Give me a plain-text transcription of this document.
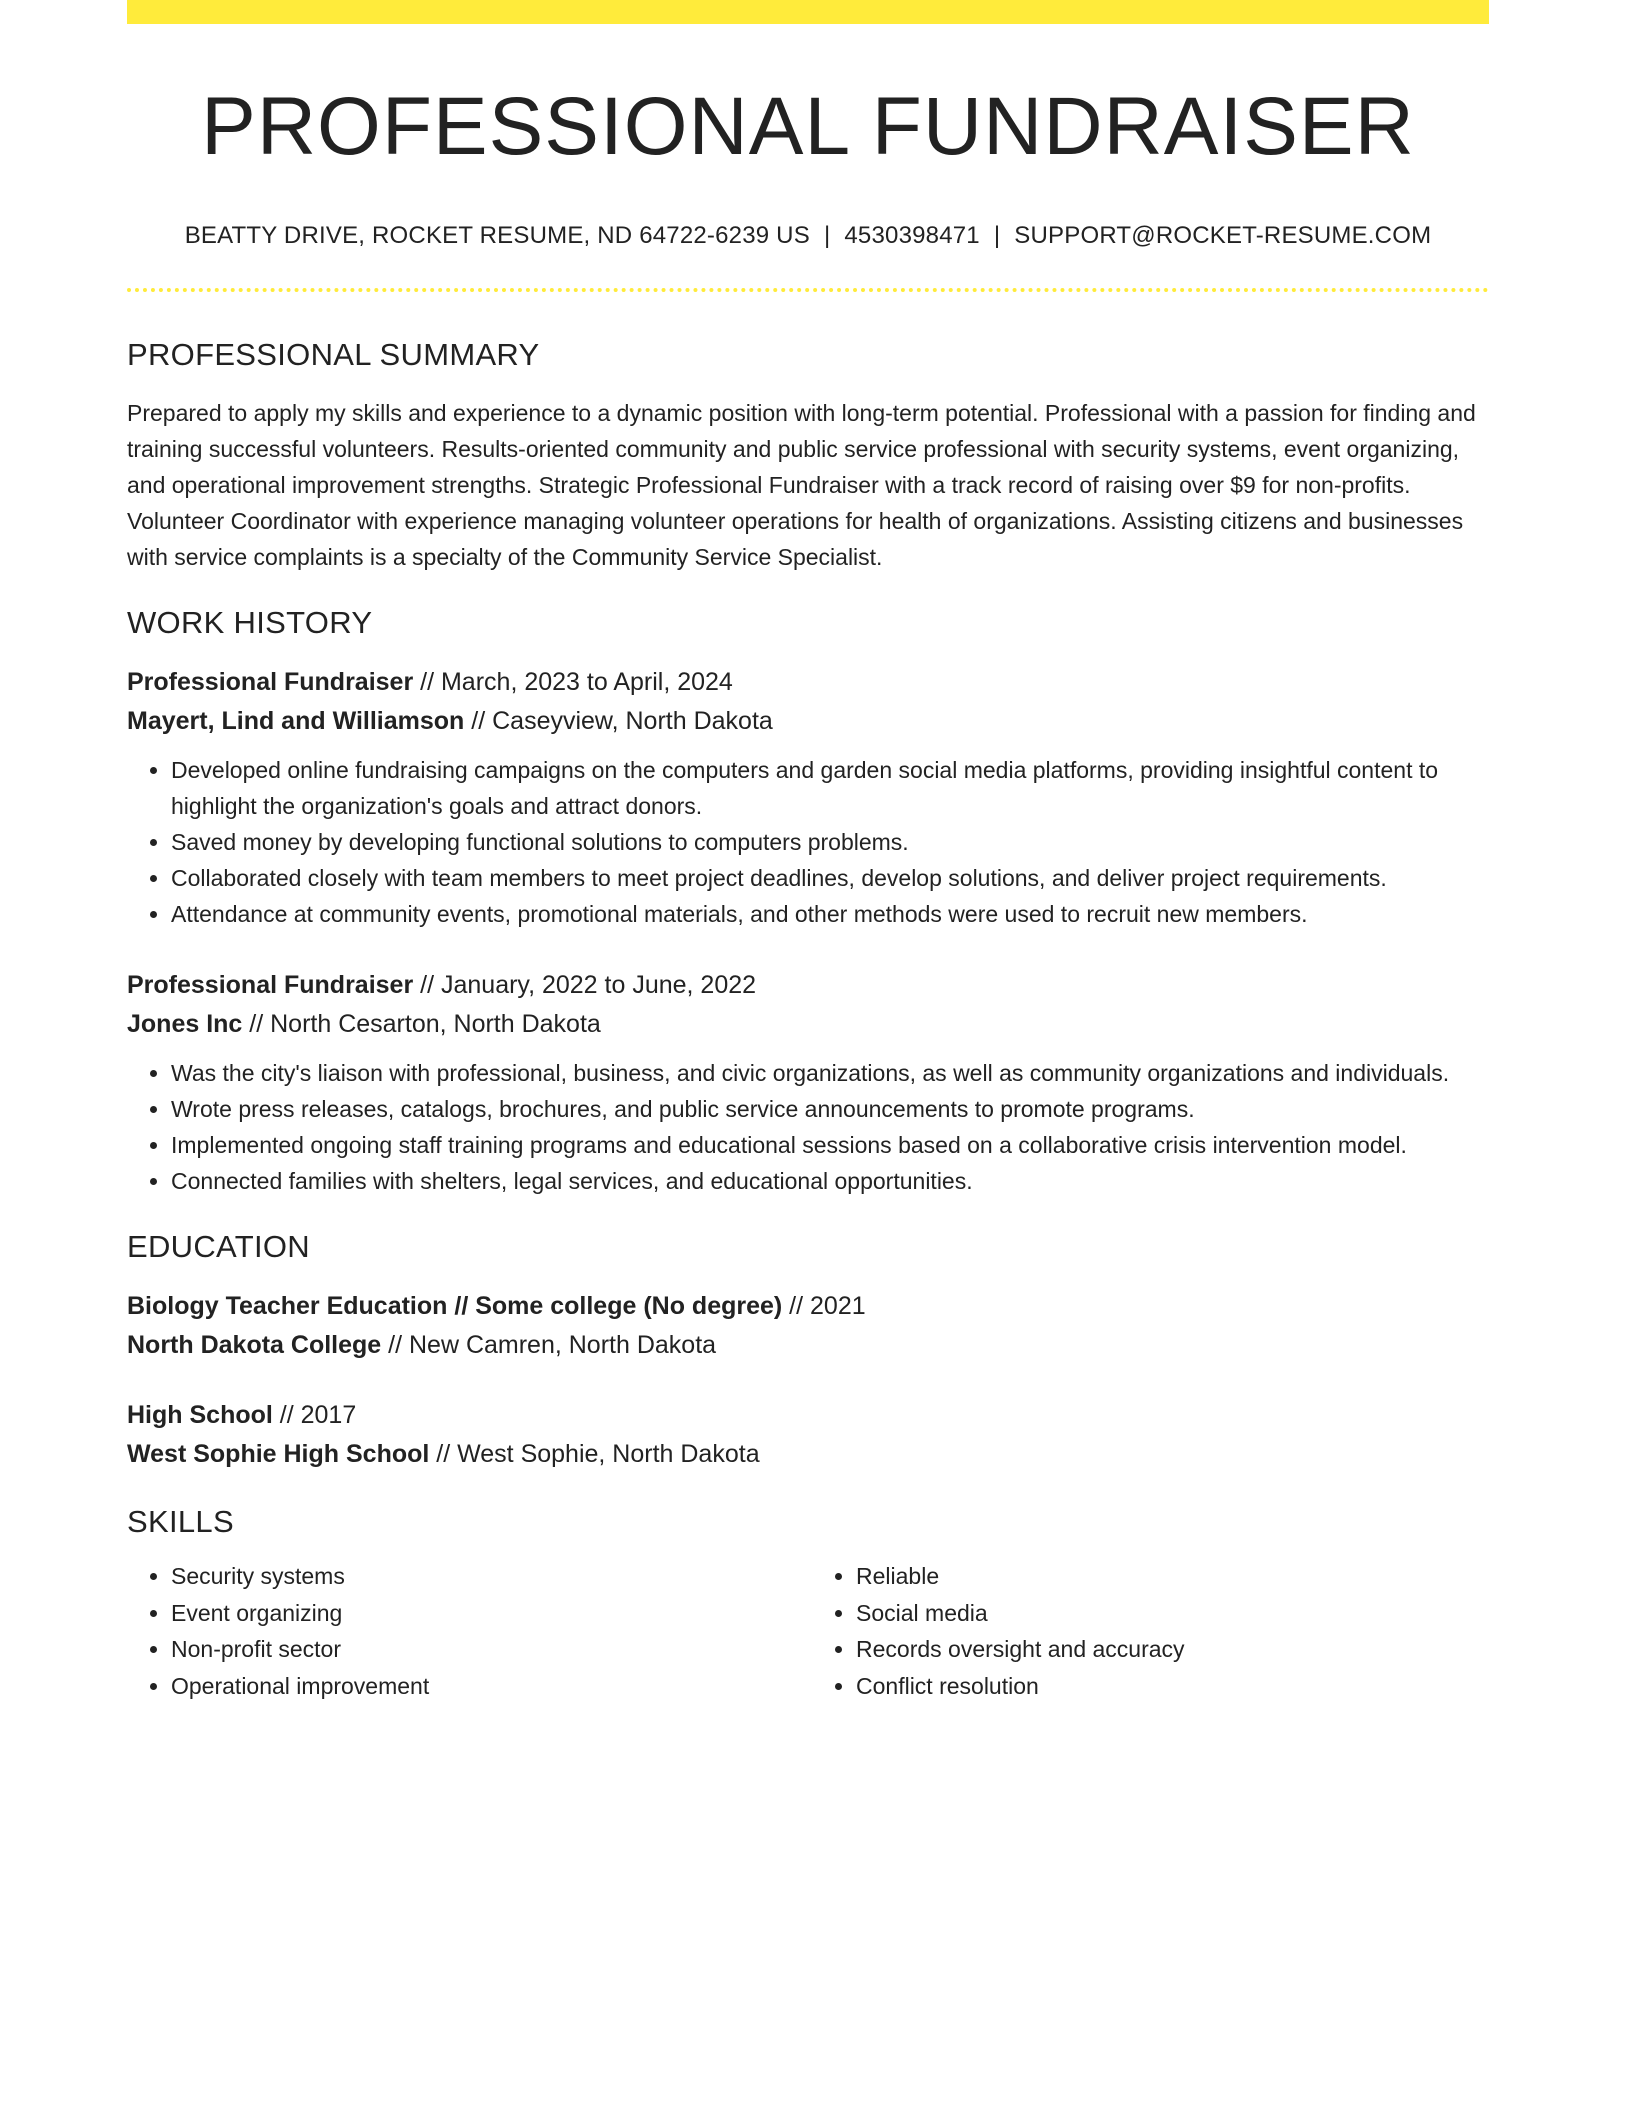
PROFESSIONAL FUNDRAISER
BEATTY DRIVE, ROCKET RESUME, ND 64722-6239 US | 4530398471 | SUPPORT@ROCKET-RESUME.COM
PROFESSIONAL SUMMARY
Prepared to apply my skills and experience to a dynamic position with long-term potential. Professional with a passion for finding and training successful volunteers. Results-oriented community and public service professional with security systems, event organizing, and operational improvement strengths. Strategic Professional Fundraiser with a track record of raising over $9 for non-profits. Volunteer Coordinator with experience managing volunteer operations for health of organizations. Assisting citizens and businesses with service complaints is a specialty of the Community Service Specialist.
WORK HISTORY
Professional Fundraiser // March, 2023 to April, 2024
Mayert, Lind and Williamson // Caseyview, North Dakota
• Developed online fundraising campaigns on the computers and garden social media platforms, providing insightful content to highlight the organization's goals and attract donors.
• Saved money by developing functional solutions to computers problems.
• Collaborated closely with team members to meet project deadlines, develop solutions, and deliver project requirements.
• Attendance at community events, promotional materials, and other methods were used to recruit new members.
Professional Fundraiser // January, 2022 to June, 2022
Jones Inc // North Cesarton, North Dakota
• Was the city's liaison with professional, business, and civic organizations, as well as community organizations and individuals.
• Wrote press releases, catalogs, brochures, and public service announcements to promote programs.
• Implemented ongoing staff training programs and educational sessions based on a collaborative crisis intervention model.
• Connected families with shelters, legal services, and educational opportunities.
EDUCATION
Biology Teacher Education // Some college (No degree) // 2021
North Dakota College // New Camren, North Dakota
High School // 2017
West Sophie High School // West Sophie, North Dakota
SKILLS
• Security systems
• Event organizing
• Non-profit sector
• Operational improvement
• Reliable
• Social media
• Records oversight and accuracy
• Conflict resolution
